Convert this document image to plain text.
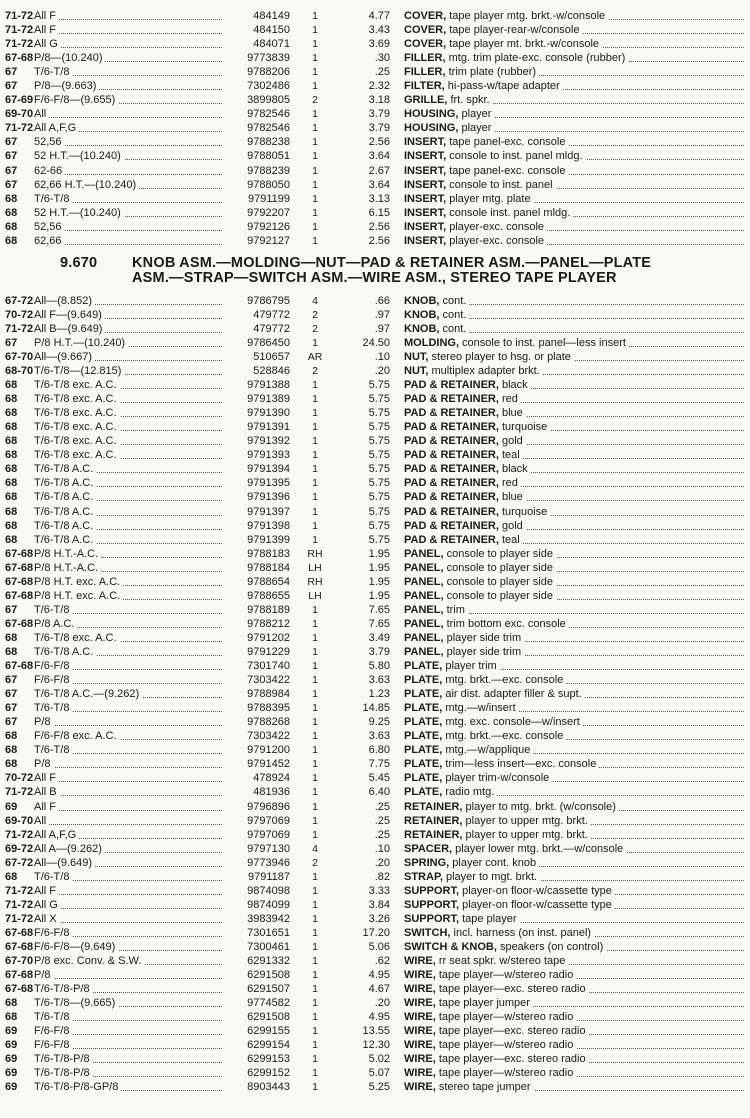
71-72 All F	484149	1	4.77	COVER, tape player mtg. brkt.-w/console
71-72 All F	484150	1	3.43	COVER, tape player-rear-w/console
71-72 All G	484071	1	3.69	COVER, tape player mt. brkt.-w/console
67-68 P/8—(10.240)	9773839	1	.30	FILLER, mtg. trim plate-exc. console (rubber)
67	T/6-T/8	9788206	1	.25	FILLER, trim plate (rubber)
67	P/8—(9.663)	7302486	1	2.32	FILTER, hi-pass-w/tape adapter
67-69 F/6-F/8—(9.655)	3899805	2	3.18	GRILLE, frt. spkr.
69-70 All	9782546	1	3.79	HOUSING, player
71-72 All A,F,G	9782546	1	3.79	HOUSING, player
67	52,56	9788238	1	2.56	INSERT, tape panel-exc. console
67	52 H.T.—(10.240)	9788051	1	3.64	INSERT, console to inst. panel mldg.
67	62-66	9788239	1	2.67	INSERT, tape panel-exc. console
67	62,66 H.T.—(10.240)	9788050	1	3.64	INSERT, console to inst. panel
68	T/6-T/8	9791199	1	3.13	INSERT, player mtg. plate
68	52 H.T.—(10.240)	9792207	1	6.15	INSERT, console inst. panel mldg.
68	52,56	9792126	1	2.56	INSERT, player-exc. console
68	62,66	9792127	1	2.56	INSERT, player-exc. console
9.670 KNOB ASM.—MOLDING—NUT—PAD & RETAINER ASM.—PANEL—PLATE
ASM.—STRAP—SWITCH ASM.—WIRE ASM., STEREO TAPE PLAYER
67-72 All—(8.852)	9786795	4	.66	KNOB, cont.
70-72 All F—(9.649)	479772	2	.97	KNOB, cont.
71-72 All B—(9.649)	479772	2	.97	KNOB, cont.
67	P/8 H.T.—(10.240)	9786450	1	24.50	MOLDING, console to inst. panel—less insert
67-70 All—(9.667)	510657	AR	.10	NUT, stereo player to hsg. or plate
68-70 T/6-T/8—(12.815)	528846	2	.20	NUT, multiplex adapter brkt.
68	T/6-T/8 exc. A.C.	9791388	1	5.75	PAD & RETAINER, black
68	T/6-T/8 exc. A.C.	9791389	1	5.75	PAD & RETAINER, red
68	T/6-T/8 exc. A.C.	9791390	1	5.75	PAD & RETAINER, blue
68	T/6-T/8 exc. A.C.	9791391	1	5.75	PAD & RETAINER, turquoise
68	T/6-T/8 exc. A.C.	9791392	1	5.75	PAD & RETAINER, gold
68	T/6-T/8 exc. A.C.	9791393	1	5.75	PAD & RETAINER, teal
68	T/6-T/8 A.C.	9791394	1	5.75	PAD & RETAINER, black
68	T/6-T/8 A.C.	9791395	1	5.75	PAD & RETAINER, red
68	T/6-T/8 A.C.	9791396	1	5.75	PAD & RETAINER, blue
68	T/6-T/8 A.C.	9791397	1	5.75	PAD & RETAINER, turquoise
68	T/6-T/8 A.C.	9791398	1	5.75	PAD & RETAINER, gold
68	T/6-T/8 A.C.	9791399	1	5.75	PAD & RETAINER, teal
67-68 P/8 H.T.-A.C.	9788183	RH	1.95	PANEL, console to player side
67-68 P/8 H.T.-A.C.	9788184	LH	1.95	PANEL, console to player side
67-68 P/8 H.T. exc. A.C.	9788654	RH	1.95	PANEL, console to player side
67-68 P/8 H.T. exc. A.C.	9788655	LH	1.95	PANEL, console to player side
67	T/6-T/8	9788189	1	7.65	PANEL, trim
67-68 P/8 A.C.	9788212	1	7.65	PANEL, trim bottom exc. console
68	T/6-T/8 exc. A.C.	9791202	1	3.49	PANEL, player side trim
68	T/6-T/8 A.C.	9791229	1	3.79	PANEL, player side trim
67-68 F/6-F/8	7301740	1	5.80	PLATE, player trim
67	F/6-F/8	7303422	1	3.63	PLATE, mtg. brkt.—exc. console
67	T/6-T/8 A.C.—(9.262)	9788984	1	1.23	PLATE, air dist. adapter filler & supt.
67	T/6-T/8	9788395	1	14.85	PLATE, mtg.—w/insert
67	P/8	9788268	1	9.25	PLATE, mtg. exc. console—w/insert
68	F/6-F/8 exc. A.C.	7303422	1	3.63	PLATE, mtg. brkt.—exc. console
68	T/6-T/8	9791200	1	6.80	PLATE, mtg.—w/applique
68	P/8	9791452	1	7.75	PLATE, trim—less insert—exc. console
70-72 All F	478924	1	5.45	PLATE, player trim-w/console
71-72 All B	481936	1	6.40	PLATE, radio mtg.
69	All F	9796896	1	.25	RETAINER, player to mtg. brkt. (w/console)
69-70 All	9797069	1	.25	RETAINER, player to upper mtg. brkt.
71-72 All A,F,G	9797069	1	.25	RETAINER, player to upper mtg. brkt.
69-72 All A—(9.262)	9797130	4	.10	SPACER, player lower mtg. brkt.—w/console
67-72 All—(9.649)	9773946	2	.20	SPRING, player cont. knob
68	T/6-T/8	9791187	1	.82	STRAP, player to mgt. brkt.
71-72 All F	9874098	1	3.33	SUPPORT, player-on floor-w/cassette type
71-72 All G	9874099	1	3.84	SUPPORT, player-on floor-w/cassette type
71-72 All X	3983942	1	3.26	SUPPORT, tape player
67-68 F/6-F/8	7301651	1	17.20	SWITCH, incl. harness (on inst. panel)
67-68 F/6-F/8—(9.649)	7300461	1	5.06	SWITCH & KNOB, speakers (on control)
67-70 P/8 exc. Conv. & S.W.	6291332	1	.62	WIRE, rr seat spkr. w/stereo tape
67-68 P/8	6291508	1	4.95	WIRE, tape player—w/stereo radio
67-68 T/6-T/8-P/8	6291507	1	4.67	WIRE, tape player—exc. stereo radio
68	T/6-T/8—(9.665)	9774582	1	.20	WIRE, tape player jumper
68	T/6-T/8	6291508	1	4.95	WIRE, tape player—w/stereo radio
69	F/6-F/8	6299155	1	13.55	WIRE, tape player—exc. stereo radio
69	F/6-F/8	6299154	1	12.30	WIRE, tape player—w/stereo radio
69	T/6-T/8-P/8	6299153	1	5.02	WIRE, tape player—exc. stereo radio
69	T/6-T/8-P/8	6299152	1	5.07	WIRE, tape player—w/stereo radio
69	T/6-T/8-P/8-GP/8	8903443	1	5.25	WIRE, stereo tape jumper
